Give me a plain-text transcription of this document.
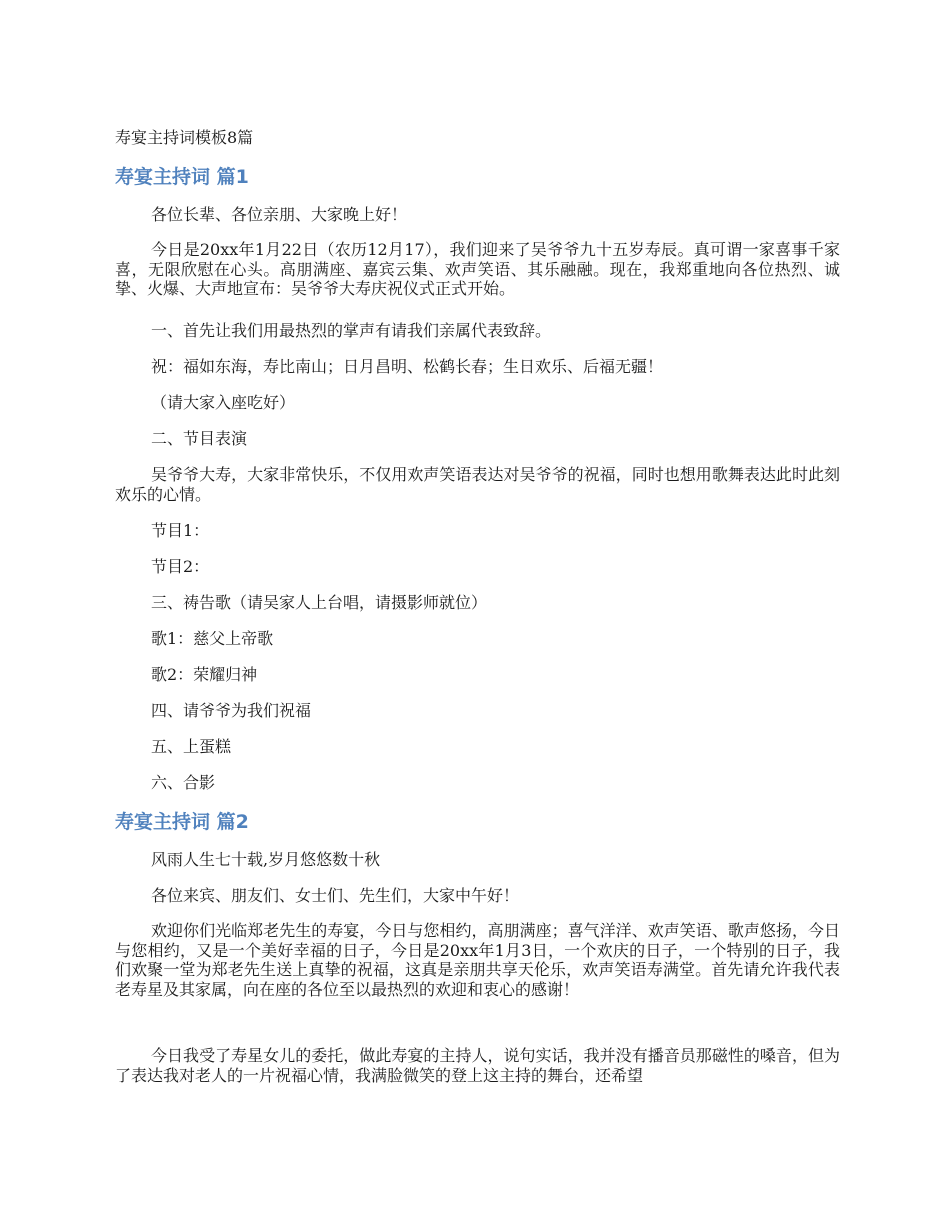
寿宴主持词模板8篇
寿宴主持词 篇1

各位长辈、各位亲朋、大家晚上好！

今日是20xx年1月22日（农历12月17），我们迎来了吴爷爷九十五岁寿辰。真可谓一家喜事千家喜，无限欣慰在心头。高朋满座、嘉宾云集、欢声笑语、其乐融融。现在，我郑重地向各位热烈、诚挚、火爆、大声地宣布：吴爷爷大寿庆祝仪式正式开始。

一、首先让我们用最热烈的掌声有请我们亲属代表致辞。

祝：福如东海，寿比南山；日月昌明、松鹤长春；生日欢乐、后福无疆！

（请大家入座吃好）

二、节目表演

吴爷爷大寿，大家非常快乐，不仅用欢声笑语表达对吴爷爷的祝福，同时也想用歌舞表达此时此刻欢乐的心情。

节目1：

节目2：

三、祷告歌（请吴家人上台唱，请摄影师就位）

歌1：慈父上帝歌

歌2：荣耀归神

四、请爷爷为我们祝福

五、上蛋糕

六、合影

寿宴主持词 篇2

风雨人生七十载,岁月悠悠数十秋

各位来宾、朋友们、女士们、先生们，大家中午好！

欢迎你们光临郑老先生的寿宴，今日与您相约，高朋满座；喜气洋洋、欢声笑语、歌声悠扬，今日与您相约，又是一个美好幸福的日子，今日是20xx年1月3日，一个欢庆的日子，一个特别的日子，我们欢聚一堂为郑老先生送上真挚的祝福，这真是亲朋共享天伦乐，欢声笑语寿满堂。首先请允许我代表老寿星及其家属，向在座的各位至以最热烈的欢迎和衷心的感谢！

今日我受了寿星女儿的委托，做此寿宴的主持人，说句实话，我并没有播音员那磁性的嗓音，但为了表达我对老人的一片祝福心情，我满脸微笑的登上这主持的舞台，还希望
